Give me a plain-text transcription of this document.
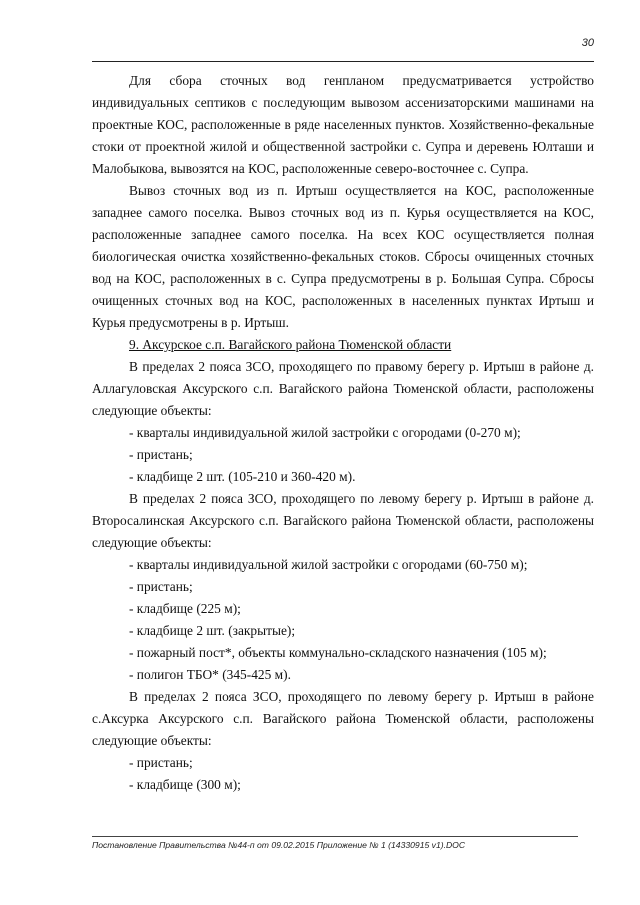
30

Для сбора сточных вод генпланом предусматривается устройство индивидуальных септиков с последующим вывозом ассенизаторскими машинами на проектные КОС, расположенные в ряде населенных пунктов. Хозяйственно-фекальные стоки от проектной жилой и общественной застройки с. Супра и деревень Юлташи и Малобыкова, вывозятся на КОС, расположенные северо-восточнее с. Супра.

Вывоз сточных вод из п. Иртыш осуществляется на КОС, расположенные западнее самого поселка. Вывоз сточных вод из п. Курья осуществляется на КОС, расположенные западнее самого поселка. На всех КОС осуществляется полная биологическая очистка хозяйственно-фекальных стоков. Сбросы очищенных сточных вод на КОС, расположенных в с. Супра предусмотрены в р. Большая Супра. Сбросы очищенных сточных вод на КОС, расположенных в населенных пунктах Иртыш и Курья предусмотрены в р. Иртыш.

9. Аксурское с.п. Вагайского района Тюменской области

В пределах 2 пояса ЗСО, проходящего по правому берегу р. Иртыш в районе д. Аллагуловская Аксурского с.п. Вагайского района Тюменской области, расположены следующие объекты:

- кварталы индивидуальной жилой застройки с огородами (0-270 м);

- пристань;

- кладбище 2 шт. (105-210 и 360-420 м).

В пределах 2 пояса ЗСО, проходящего по левому берегу р. Иртыш в районе д. Второсалинская Аксурского с.п. Вагайского района Тюменской области, расположены следующие объекты:

- кварталы индивидуальной жилой застройки с огородами (60-750 м);

- пристань;

- кладбище (225 м);

- кладбище 2 шт. (закрытые);

- пожарный пост*, объекты коммунально-складского назначения (105 м);

- полигон ТБО* (345-425 м).

В пределах 2 пояса ЗСО, проходящего по левому берегу р. Иртыш в районе с.Аксурка Аксурского с.п. Вагайского района Тюменской области, расположены следующие объекты:

- пристань;

- кладбище (300 м);

Постановление Правительства №44-п от 09.02.2015 Приложение № 1 (14330915 v1).DOC
